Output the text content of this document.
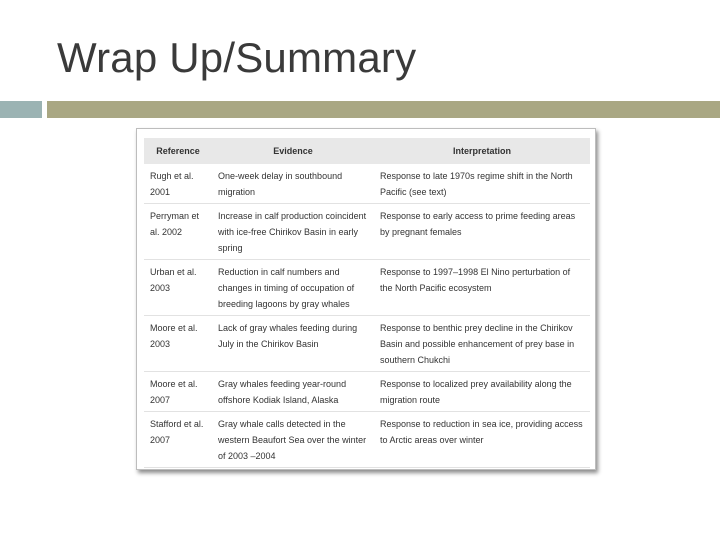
Wrap Up/Summary
Reference	Evidence	Interpretation
Rugh et al. 2001	One-week delay in southbound migration	Response to late 1970s regime shift in the North Pacific (see text)
Perryman et al. 2002	Increase in calf production coincident with ice-free Chirikov Basin in early spring	Response to early access to prime feeding areas by pregnant females
Urban et al. 2003	Reduction in calf numbers and changes in timing of occupation of breeding lagoons by gray whales	Response to 1997–1998 El Nino perturbation of the North Pacific ecosystem
Moore et al. 2003	Lack of gray whales feeding during July in the Chirikov Basin	Response to benthic prey decline in the Chirikov Basin and possible enhancement of prey base in southern Chukchi
Moore et al. 2007	Gray whales feeding year-round offshore Kodiak Island, Alaska	Response to localized prey availability along the migration route
Stafford et al. 2007	Gray whale calls detected in the western Beaufort Sea over the winter of 2003 –2004	Response to reduction in sea ice, providing access to Arctic areas over winter
